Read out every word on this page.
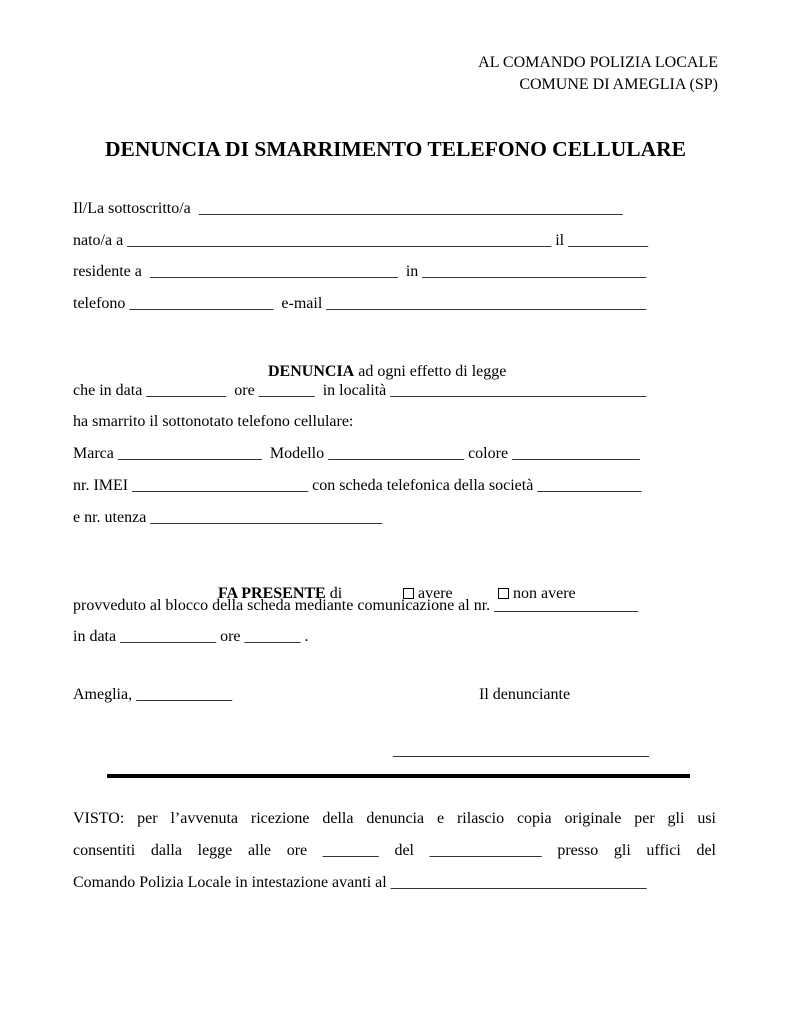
AL COMANDO POLIZIA LOCALE
COMUNE DI AMEGLIA (SP)
DENUNCIA DI SMARRIMENTO TELEFONO CELLULARE
Il/La sottoscritto/a  _____________________________________________________
nato/a a _____________________________________________________ il __________
residente a  _______________________________  in ____________________________
telefono __________________  e-mail ________________________________________

DENUNCIA ad ogni effetto di legge

che in data __________  ore _______  in località ________________________________
ha smarrito il sottonotato telefono cellulare:
Marca __________________  Modello _________________ colore ________________
nr. IMEI ______________________ con scheda telefonica della società _____________
e nr. utenza _____________________________

FA PRESENTE di	avere	non avere

provveduto al blocco della scheda mediante comunicazione al nr. __________________
in data ____________ ore _______ .
Ameglia, ____________	Il denunciante
________________________________
VISTO: per l’avvenuta ricezione della denuncia e rilascio copia originale per gli usi
consentiti dalla legge alle ore _______ del ______________ presso gli uffici del
Comando Polizia Locale in intestazione avanti al ________________________________
